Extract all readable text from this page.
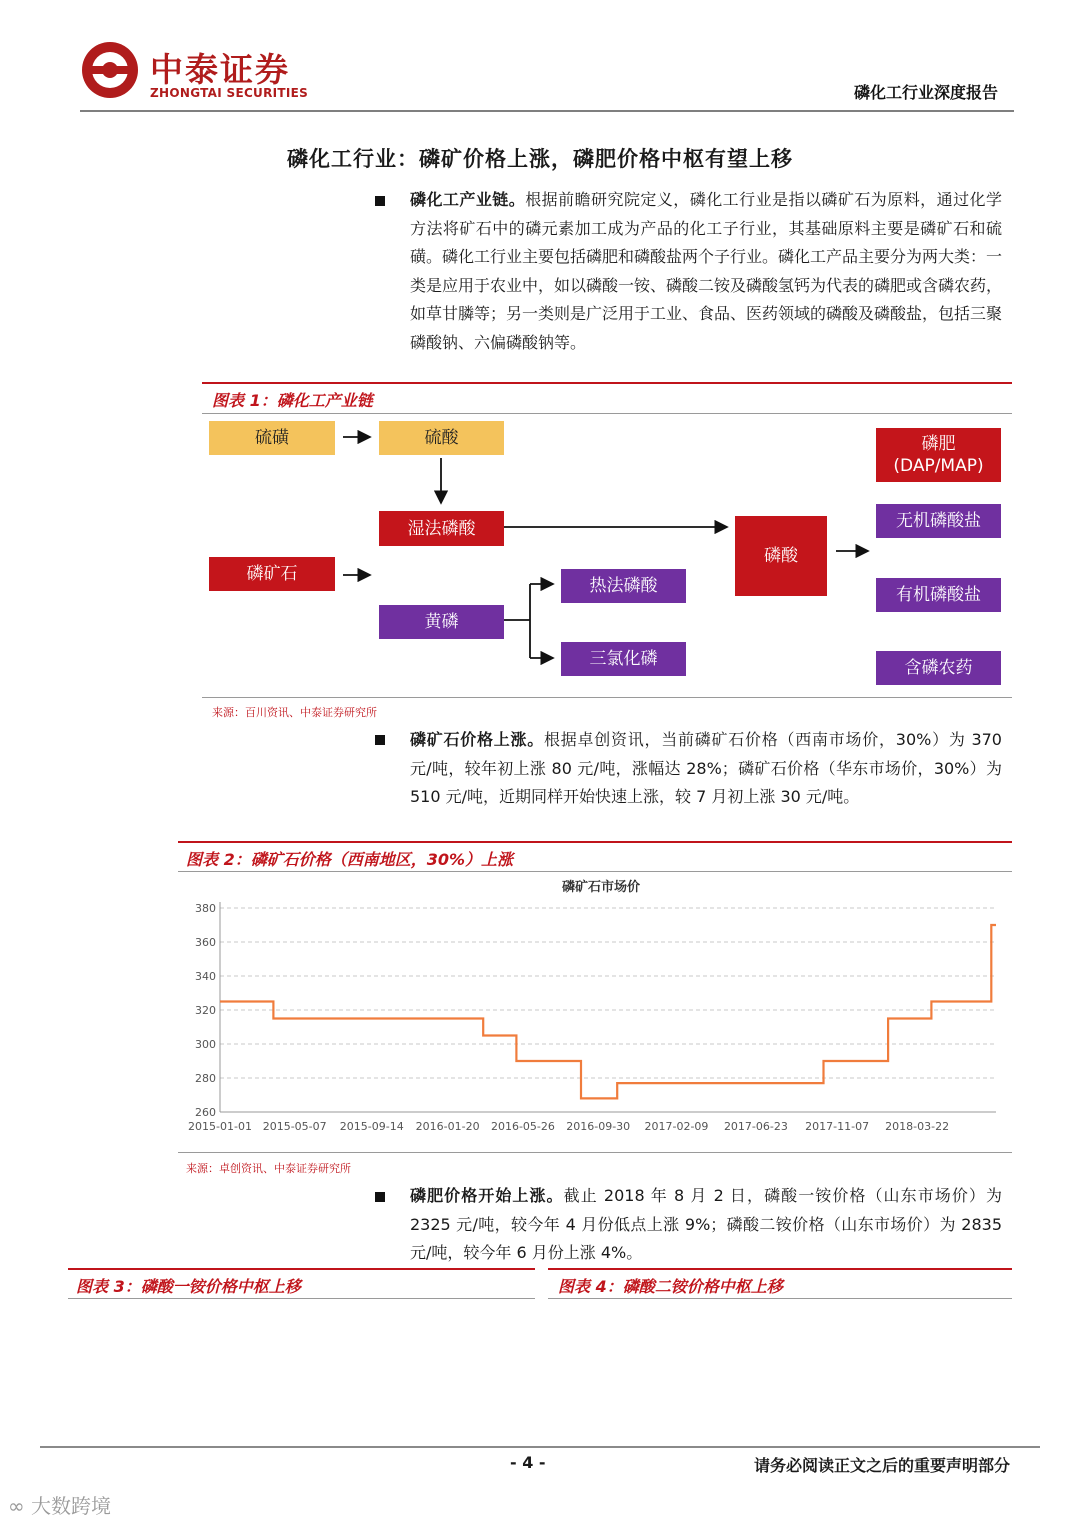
中泰证券
ZHONGTAI SECURITIES	磷化工行业深度报告
磷化工行业：磷矿价格上涨，磷肥价格中枢有望上移
磷化工产业链。根据前瞻研究院定义，磷化工行业是指以磷矿石为原料，通过化学方法将矿石中的磷元素加工成为产品的化工子行业，其基础原料主要是磷矿石和硫磺。磷化工行业主要包括磷肥和磷酸盐两个子行业。磷化工产品主要分为两大类：一类是应用于农业中，如以磷酸一铵、磷酸二铵及磷酸氢钙为代表的磷肥或含磷农药，如草甘膦等；另一类则是广泛用于工业、食品、医药领域的磷酸及磷酸盐，包括三聚磷酸钠、六偏磷酸钠等。
图表 1：磷化工产业链
硫磺	硫酸
湿法磷酸
磷矿石
黄磷
热法磷酸
三氯化磷
磷酸
磷肥
(DAP/MAP)
无机磷酸盐
有机磷酸盐
含磷农药
来源：百川资讯、中泰证券研究所
磷矿石价格上涨。根据卓创资讯，当前磷矿石价格（西南市场价，30%）为 370 元/吨，较年初上涨 80 元/吨，涨幅达 28%；磷矿石价格（华东市场价，30%）为 510 元/吨，近期同样开始快速上涨，较 7 月初上涨 30 元/吨。
图表 2：磷矿石价格（西南地区，30%）上涨
磷矿石市场价
260
280
300
320
340
360
380
2015-01-01 2015-05-07 2015-09-14 2016-01-20 2016-05-26 2016-09-30 2017-02-09 2017-06-23 2017-11-07 2018-03-22
来源：卓创资讯、中泰证券研究所
磷肥价格开始上涨。截止 2018 年 8 月 2 日，磷酸一铵价格（山东市场价）为 2325 元/吨，较今年 4 月份低点上涨 9%；磷酸二铵价格（山东市场价）为 2835 元/吨，较今年 6 月份上涨 4%。
图表 3：磷酸一铵价格中枢上移	图表 4：磷酸二铵价格中枢上移
- 4 -	请务必阅读正文之后的重要声明部分
∞ 大数跨境
